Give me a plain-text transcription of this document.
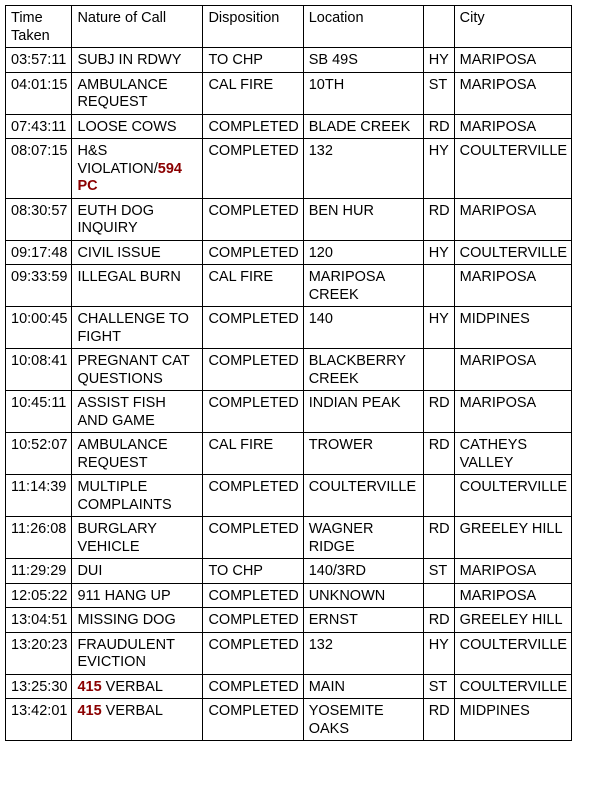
Time Taken	Nature of Call	Disposition	Location		City
03:57:11	SUBJ IN RDWY	TO CHP	SB 49S	HY	MARIPOSA
04:01:15	AMBULANCE REQUEST	CAL FIRE	10TH	ST	MARIPOSA
07:43:11	LOOSE COWS	COMPLETED	BLADE CREEK	RD	MARIPOSA
08:07:15	H&S VIOLATION/594 PC	COMPLETED	132	HY	COULTERVILLE
08:30:57	EUTH DOG INQUIRY	COMPLETED	BEN HUR	RD	MARIPOSA
09:17:48	CIVIL ISSUE	COMPLETED	120	HY	COULTERVILLE
09:33:59	ILLEGAL BURN	CAL FIRE	MARIPOSA CREEK		MARIPOSA
10:00:45	CHALLENGE TO FIGHT	COMPLETED	140	HY	MIDPINES
10:08:41	PREGNANT CAT QUESTIONS	COMPLETED	BLACKBERRY CREEK		MARIPOSA
10:45:11	ASSIST FISH AND GAME	COMPLETED	INDIAN PEAK	RD	MARIPOSA
10:52:07	AMBULANCE REQUEST	CAL FIRE	TROWER	RD	CATHEYS VALLEY
11:14:39	MULTIPLE COMPLAINTS	COMPLETED	COULTERVILLE		COULTERVILLE
11:26:08	BURGLARY VEHICLE	COMPLETED	WAGNER RIDGE	RD	GREELEY HILL
11:29:29	DUI	TO CHP	140/3RD	ST	MARIPOSA
12:05:22	911 HANG UP	COMPLETED	UNKNOWN		MARIPOSA
13:04:51	MISSING DOG	COMPLETED	ERNST	RD	GREELEY HILL
13:20:23	FRAUDULENT EVICTION	COMPLETED	132	HY	COULTERVILLE
13:25:30	415 VERBAL	COMPLETED	MAIN	ST	COULTERVILLE
13:42:01	415 VERBAL	COMPLETED	YOSEMITE OAKS	RD	MIDPINES
